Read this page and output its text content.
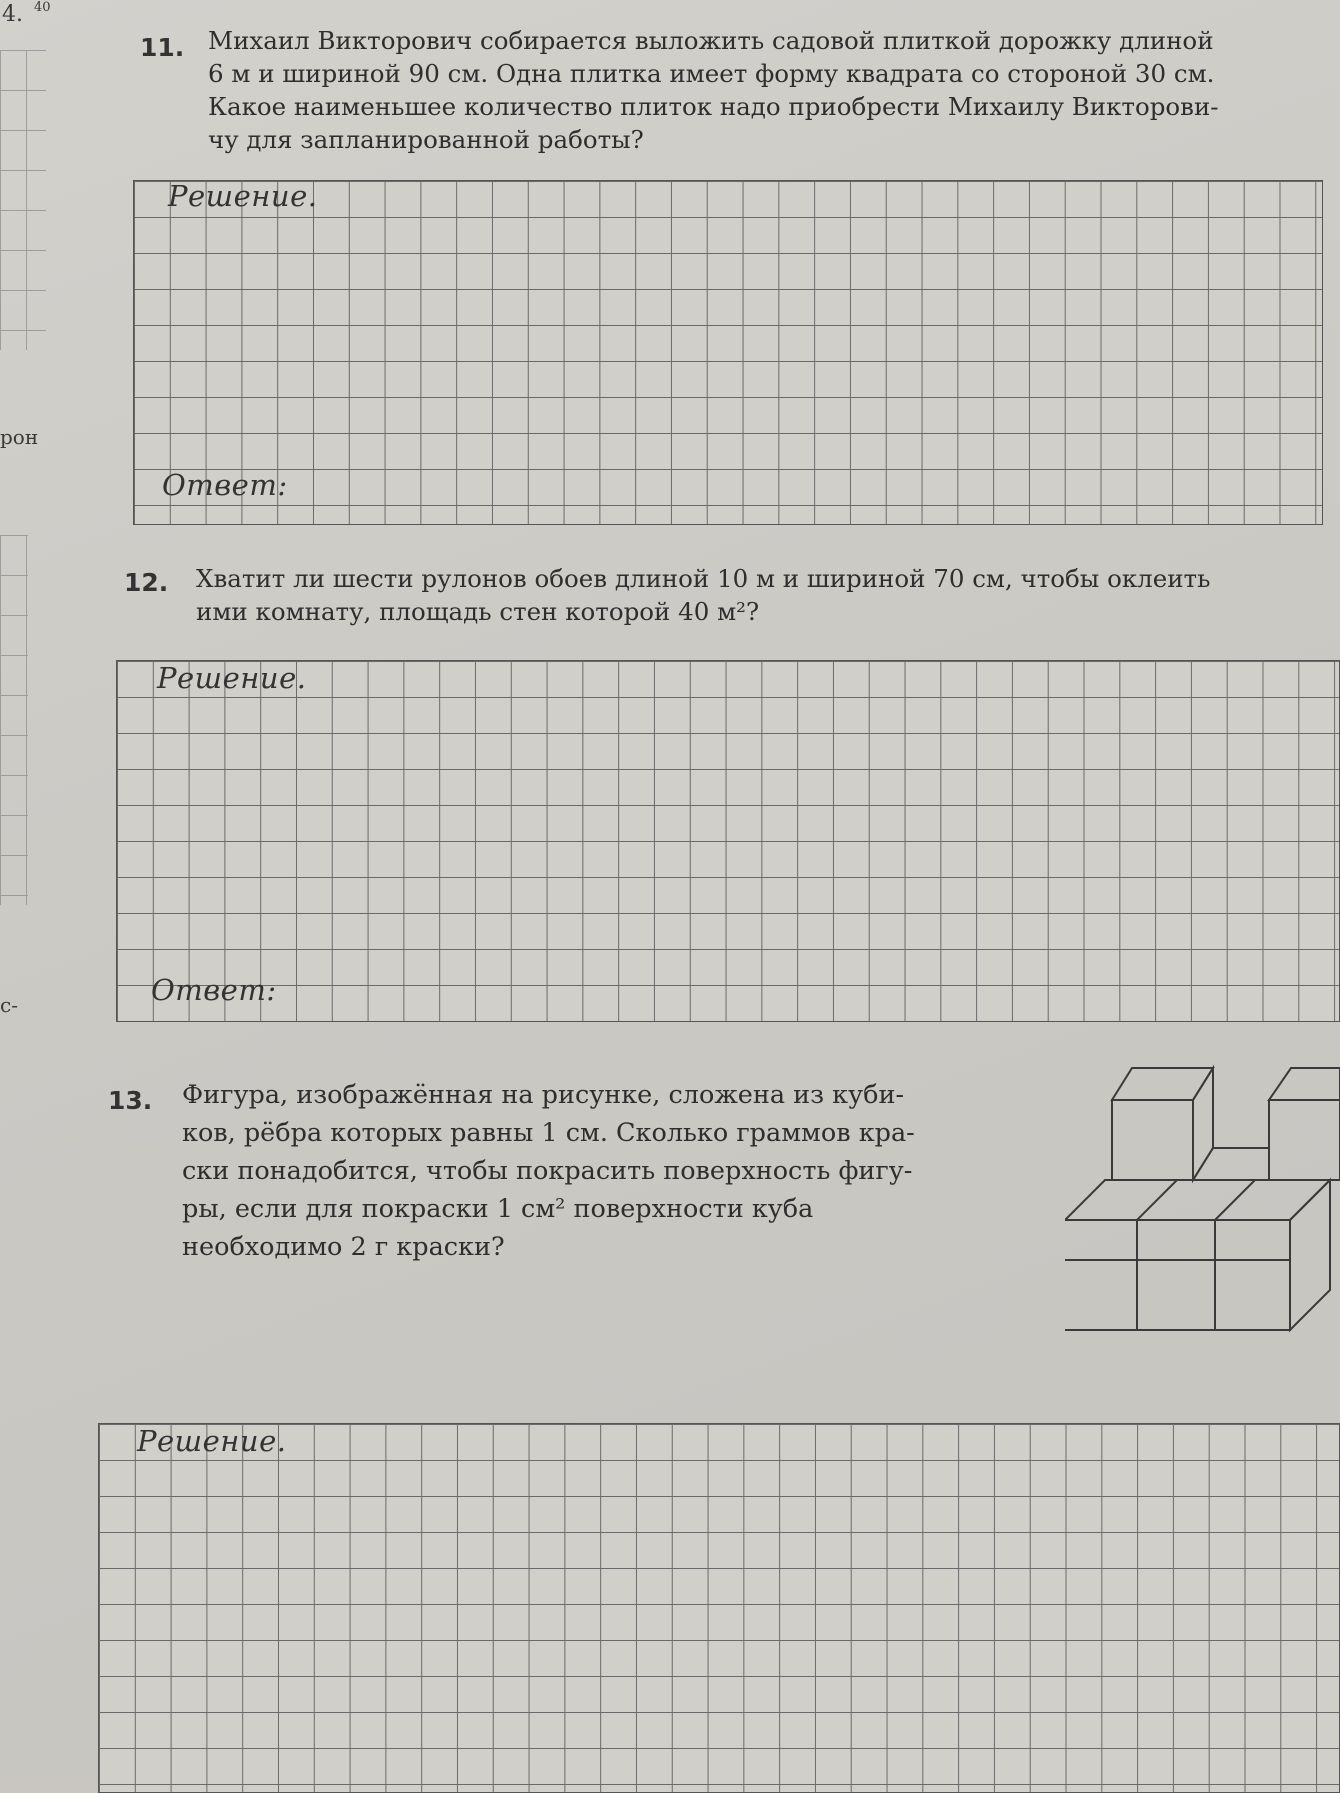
4. 40
рон
с-
11. Михаил Викторович собирается выложить садовой плиткой дорожку длиной
6 м и шириной 90 см. Одна плитка имеет форму квадрата со стороной 30 см.
Какое наименьшее количество плиток надо приобрести Михаилу Викторови-
чу для запланированной работы?
Решение.
Ответ:
12. Хватит ли шести рулонов обоев длиной 10 м и шириной 70 см, чтобы оклеить
ими комнату, площадь стен которой 40 м²?
Решение.
Ответ:
13. Фигура, изображённая на рисунке, сложена из куби-
ков, рёбра которых равны 1 см. Сколько граммов кра-
ски понадобится, чтобы покрасить поверхность фигу-
ры, если для покраски 1 см² поверхности куба
необходимо 2 г краски?
Решение.
